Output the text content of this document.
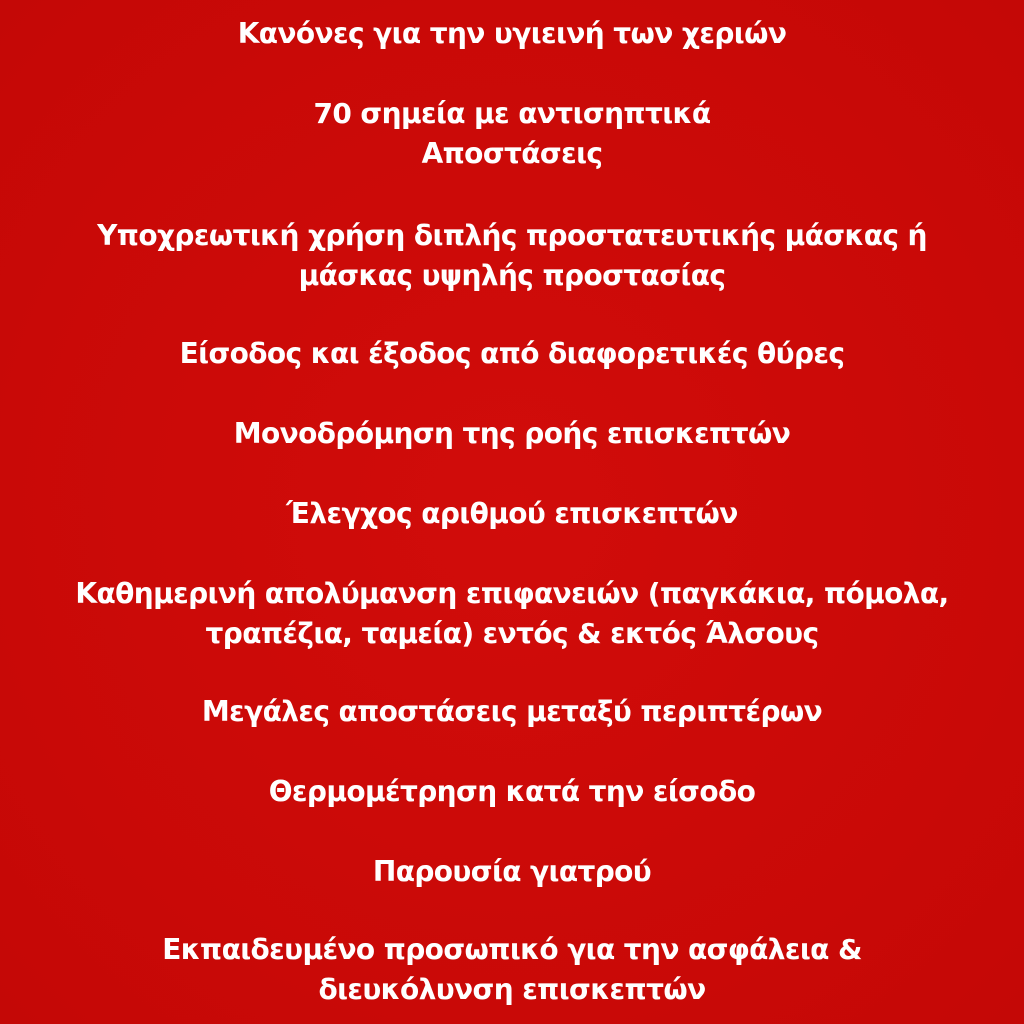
Κανόνες για την υγιεινή των χεριών
70 σημεία με αντισηπτικά
Αποστάσεις
Υποχρεωτική χρήση διπλής προστατευτικής μάσκας ή
μάσκας υψηλής προστασίας
Είσοδος και έξοδος από διαφορετικές θύρες
Μονοδρόμηση της ροής επισκεπτών
Έλεγχος αριθμού επισκεπτών
Καθημερινή απολύμανση επιφανειών (παγκάκια, πόμολα,
τραπέζια, ταμεία) εντός & εκτός Άλσους
Μεγάλες αποστάσεις μεταξύ περιπτέρων
Θερμομέτρηση κατά την είσοδο
Παρουσία γιατρού
Εκπαιδευμένο προσωπικό για την ασφάλεια &
διευκόλυνση επισκεπτών
